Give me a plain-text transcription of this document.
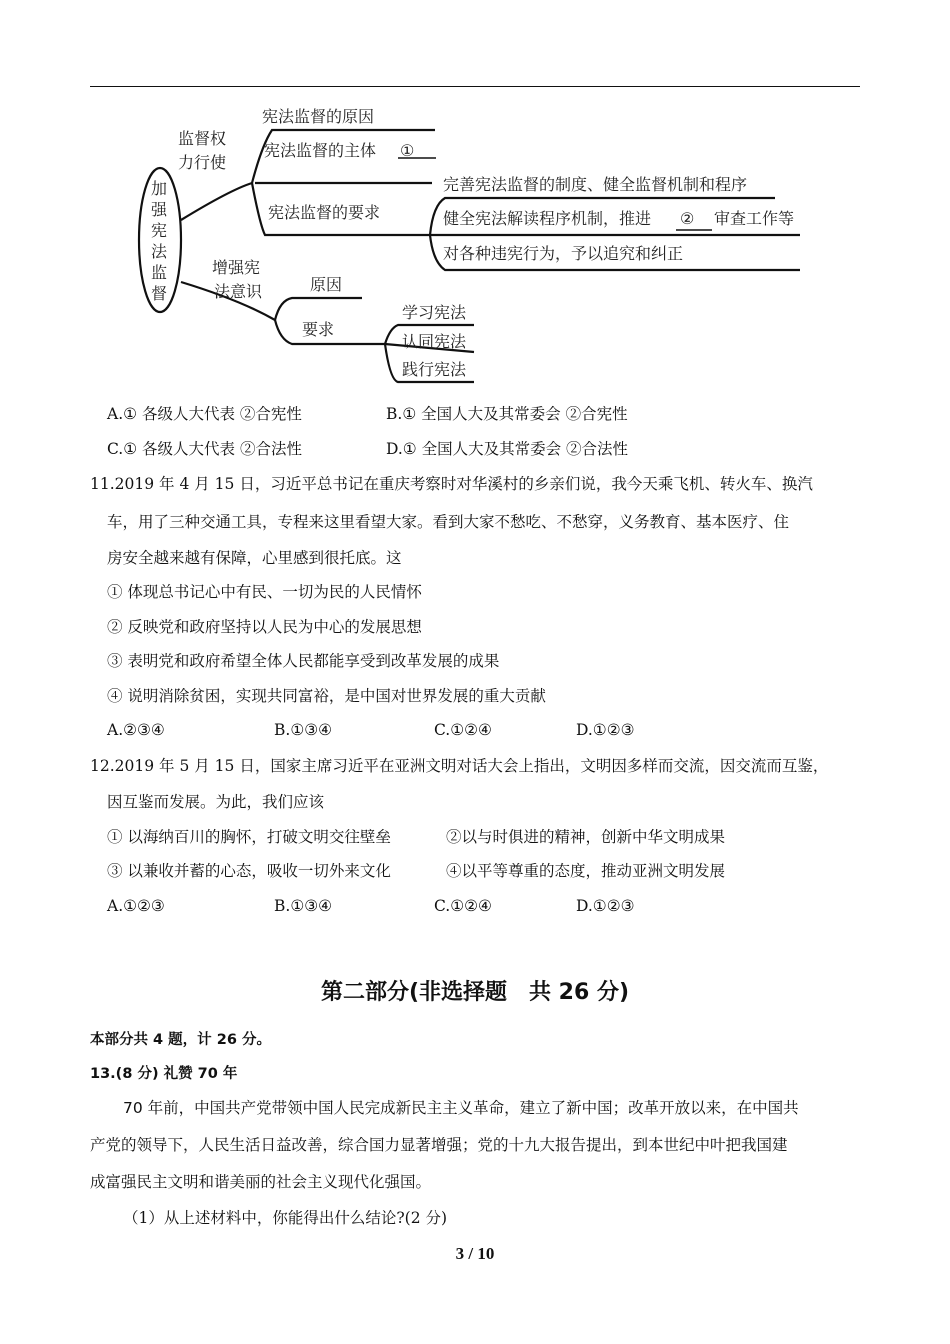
加
强
宪
法
监
督
监督权
力行使
宪法监督的原因
宪法监督的主体 ①
宪法监督的要求
完善宪法监督的制度、健全监督机制和程序
健全宪法解读程序机制，推进 ② 审查工作等
对各种违宪行为，予以追究和纠正
增强宪
法意识	原因
要求
学习宪法
认同宪法
践行宪法
A.① 各级人大代表 ②合宪性	B.① 全国人大及其常委会 ②合宪性
C.① 各级人大代表 ②合法性	D.① 全国人大及其常委会 ②合法性
11.2019 年 4 月 15 日，习近平总书记在重庆考察时对华溪村的乡亲们说，我今天乘飞机、转火车、换汽
车，用了三种交通工具，专程来这里看望大家。看到大家不愁吃、不愁穿，义务教育、基本医疗、住
房安全越来越有保障，心里感到很托底。这
① 体现总书记心中有民、一切为民的人民情怀
② 反映党和政府坚持以人民为中心的发展思想
③ 表明党和政府希望全体人民都能享受到改革发展的成果
④ 说明消除贫困，实现共同富裕，是中国对世界发展的重大贡献
A.②③④	B.①③④	C.①②④	D.①②③
12.2019 年 5 月 15 日，国家主席习近平在亚洲文明对话大会上指出，文明因多样而交流，因交流而互鉴，
因互鉴而发展。为此，我们应该
① 以海纳百川的胸怀，打破文明交往壁垒	②以与时俱进的精神，创新中华文明成果
③ 以兼收并蓄的心态，吸收一切外来文化	④以平等尊重的态度，推动亚洲文明发展
A.①②③	B.①③④	C.①②④	D.①②③
第二部分(非选择题　共 26 分)
本部分共 4 题，计 26 分。
13.(8 分) 礼赞 70 年
70 年前，中国共产党带领中国人民完成新民主主义革命，建立了新中国；改革开放以来，在中国共
产党的领导下，人民生活日益改善，综合国力显著增强；党的十九大报告提出，到本世纪中叶把我国建
成富强民主文明和谐美丽的社会主义现代化强国。
（1）从上述材料中，你能得出什么结论?(2 分)
3 / 10
